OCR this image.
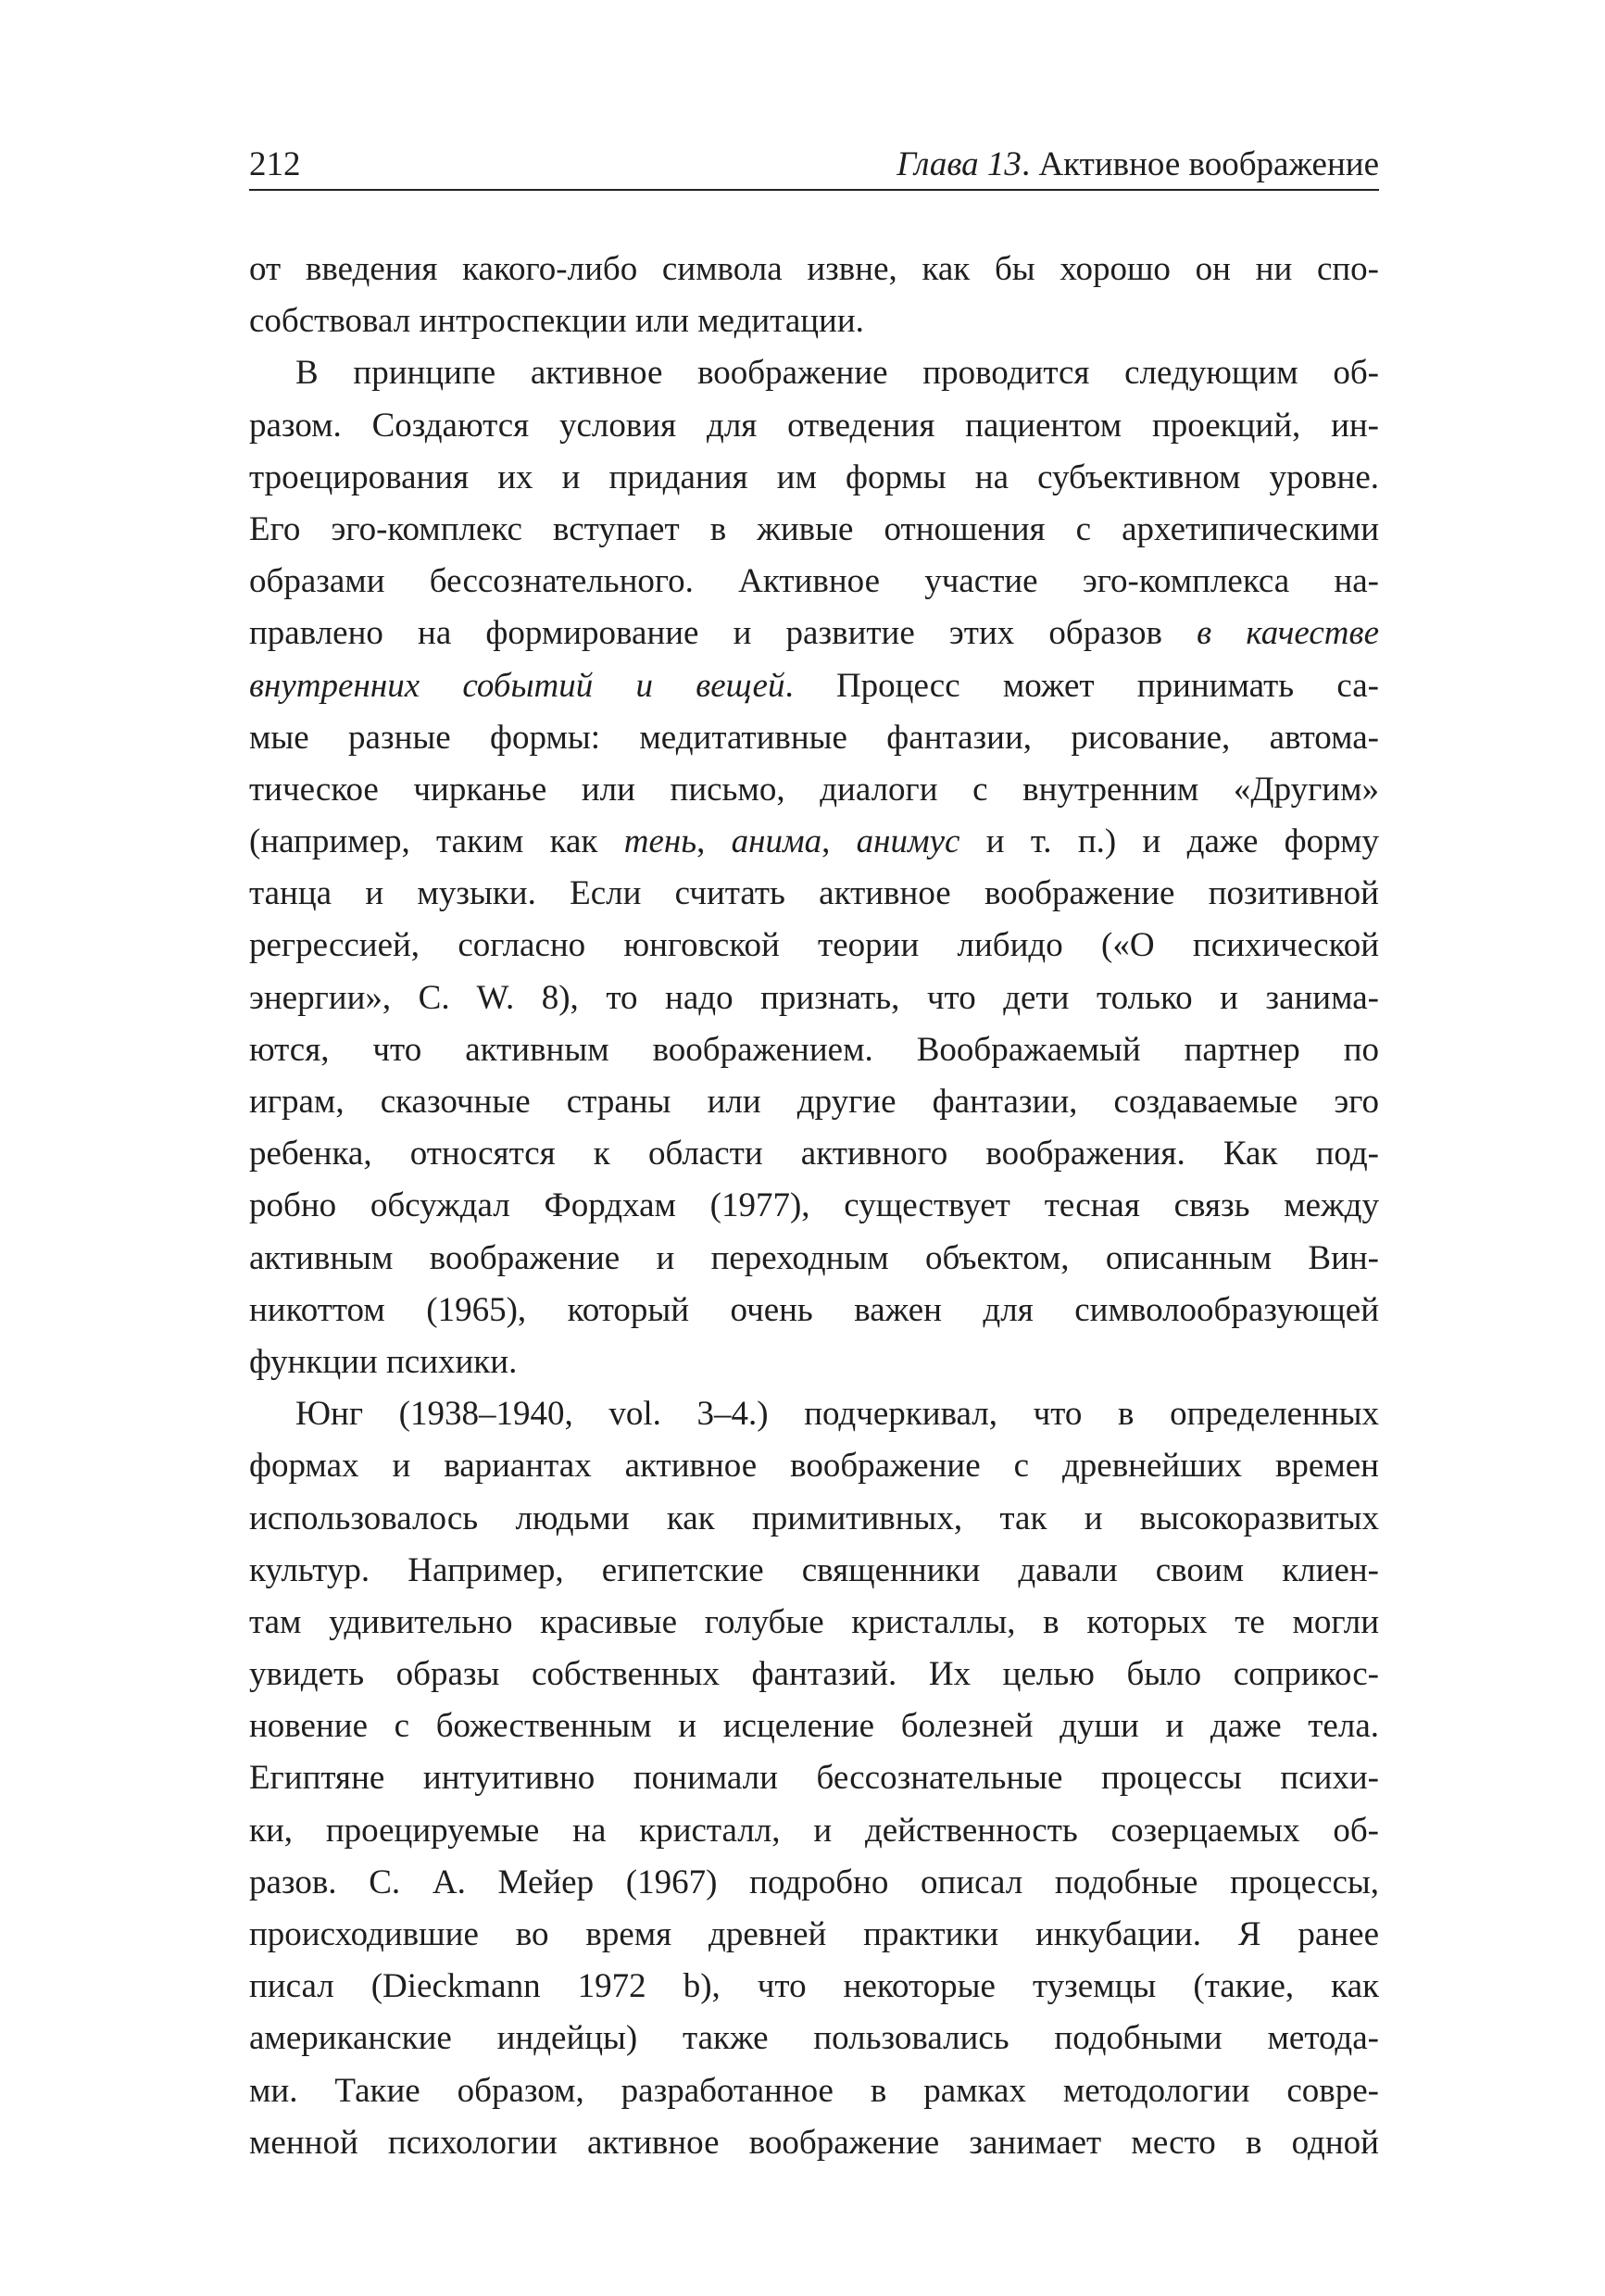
212	Глава 13. Активное воображение
от введения какого-либо символа извне, как бы хорошо он ни спо-
собствовал интроспекции или медитации.
В принципе активное воображение проводится следующим об-
разом. Создаются условия для отведения пациентом проекций, ин-
троецирования их и придания им формы на субъективном уровне.
Его эго-комплекс вступает в живые отношения с архетипическими
образами бессознательного. Активное участие эго-комплекса на-
правлено на формирование и развитие этих образов в качестве
внутренних событий и вещей. Процесс может принимать са-
мые разные формы: медитативные фантазии, рисование, автома-
тическое чирканье или письмо, диалоги с внутренним «Другим»
(например, таким как тень, анима, анимус и т. п.) и даже форму
танца и музыки. Если считать активное воображение позитивной
регрессией, согласно юнговской теории либидо («О психической
энергии», C. W. 8), то надо признать, что дети только и занима-
ются, что активным воображением. Воображаемый партнер по
играм, сказочные страны или другие фантазии, создаваемые эго
ребенка, относятся к области активного воображения. Как под-
робно обсуждал Фордхам (1977), существует тесная связь между
активным воображение и переходным объектом, описанным Вин-
никоттом (1965), который очень важен для символообразующей
функции психики.
Юнг (1938–1940, vol. 3–4.) подчеркивал, что в определенных
формах и вариантах активное воображение с древнейших времен
использовалось людьми как примитивных, так и высокоразвитых
культур. Например, египетские священники давали своим клиен-
там удивительно красивые голубые кристаллы, в которых те могли
увидеть образы собственных фантазий. Их целью было соприкос-
новение с божественным и исцеление болезней души и даже тела.
Египтяне интуитивно понимали бессознательные процессы психи-
ки, проецируемые на кристалл, и действенность созерцаемых об-
разов. С. А. Мейер (1967) подробно описал подобные процессы,
происходившие во время древней практики инкубации. Я ранее
писал (Dieckmann 1972 b), что некоторые туземцы (такие, как
американские индейцы) также пользовались подобными метода-
ми. Такие образом, разработанное в рамках методологии совре-
менной психологии активное воображение занимает место в одной
